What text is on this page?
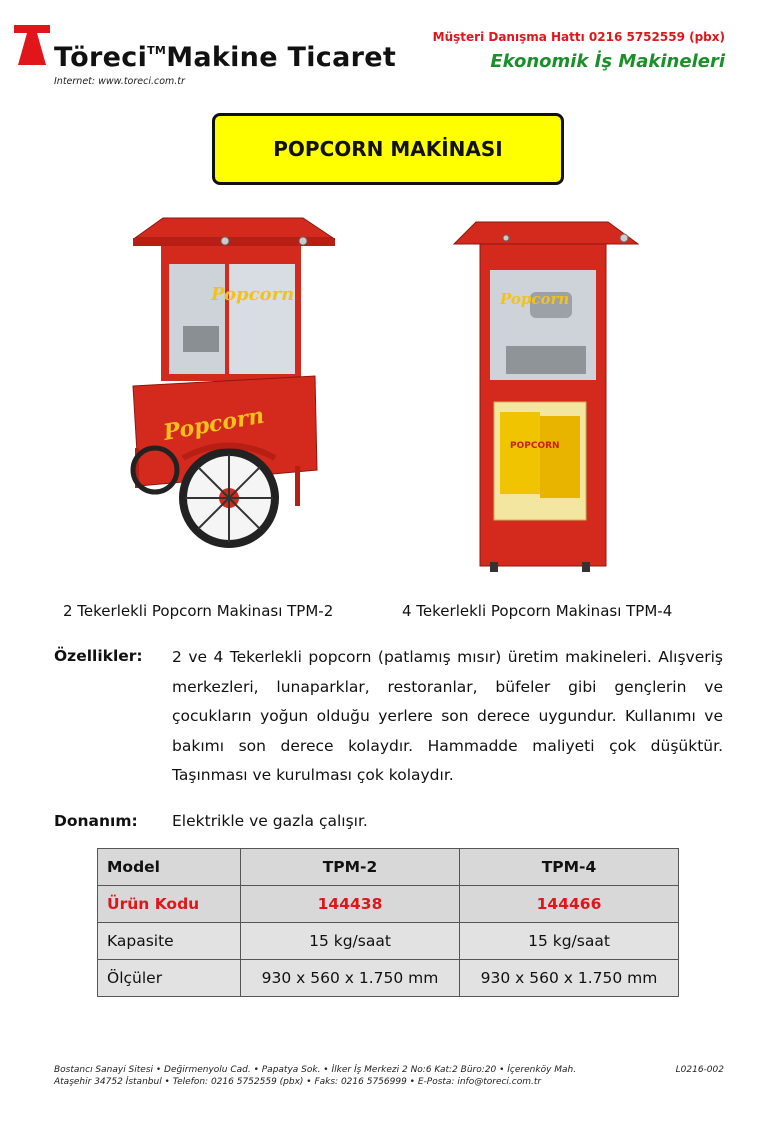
Töreci™Makine Ticaret
Internet: www.toreci.com.tr
Müşteri Danışma Hattı 0216 5752559 (pbx)
Ekonomik İş Makineleri
POPCORN MAKİNASI
Popcorn
Popcorn
Popcorn
POPCORN
2 Tekerlekli Popcorn Makinası TPM-2	4 Tekerlekli Popcorn Makinası TPM-4
Özellikler: 2 ve 4 Tekerlekli popcorn (patlamış mısır) üretim makineleri. Alışveriş merkezleri, lunaparklar, restoranlar, büfeler gibi gençlerin ve çocukların yoğun olduğu yerlere son derece uygundur. Kullanımı ve bakımı son derece kolaydır. Hammadde maliyeti çok düşüktür. Taşınması ve kurulması çok kolaydır.
Donanım: Elektrikle ve gazla çalışır.
Model	TPM-2	TPM-4
Ürün Kodu	144438	144466
Kapasite	15 kg/saat	15 kg/saat
Ölçüler	930 x 560 x 1.750 mm	930 x 560 x 1.750 mm
Bostancı Sanayi Sitesi • Değirmenyolu Cad. • Papatya Sok. • İlker İş Merkezi 2 No:6 Kat:2 Büro:20 • İçerenköy Mah.
Ataşehir 34752 İstanbul • Telefon: 0216 5752559 (pbx) • Faks: 0216 5756999 • E-Posta: info@toreci.com.tr
L0216-002
